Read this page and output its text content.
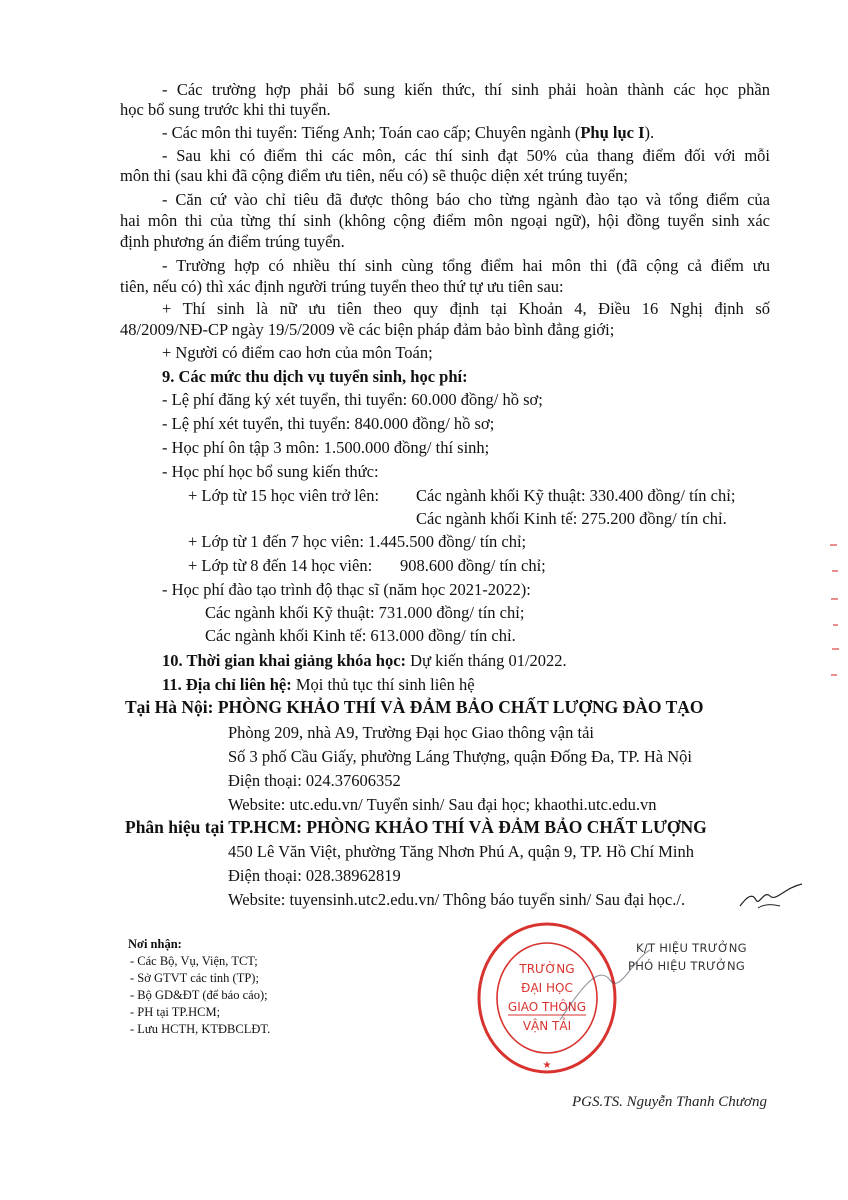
- Các trường hợp phải bổ sung kiến thức, thí sinh phải hoàn thành các học phần
học bổ sung trước khi thi tuyển.
- Các môn thi tuyển: Tiếng Anh; Toán cao cấp; Chuyên ngành (Phụ lục I).
- Sau khi có điểm thi các môn, các thí sinh đạt 50% của thang điểm đối với mỗi
môn thi (sau khi đã cộng điểm ưu tiên, nếu có) sẽ thuộc diện xét trúng tuyển;
- Căn cứ vào chỉ tiêu đã được thông báo cho từng ngành đào tạo và tổng điểm của
hai môn thi của từng thí sinh (không cộng điểm môn ngoại ngữ), hội đồng tuyển sinh xác
định phương án điểm trúng tuyển.
- Trường hợp có nhiều thí sinh cùng tổng điểm hai môn thi (đã cộng cả điểm ưu
tiên, nếu có) thì xác định người trúng tuyển theo thứ tự ưu tiên sau:
+ Thí sinh là nữ ưu tiên theo quy định tại Khoản 4, Điều 16 Nghị định số
48/2009/NĐ-CP ngày 19/5/2009 về các biện pháp đảm bảo bình đẳng giới;
+ Người có điểm cao hơn của môn Toán;
9. Các mức thu dịch vụ tuyển sinh, học phí:
- Lệ phí đăng ký xét tuyển, thi tuyển: 60.000 đồng/ hồ sơ;
- Lệ phí xét tuyển, thi tuyển: 840.000 đồng/ hồ sơ;
- Học phí ôn tập 3 môn: 1.500.000 đồng/ thí sinh;
- Học phí học bổ sung kiến thức:
+ Lớp từ 15 học viên trở lên: Các ngành khối Kỹ thuật: 330.400 đồng/ tín chỉ;
Các ngành khối Kinh tế: 275.200 đồng/ tín chỉ.
+ Lớp từ 1 đến 7 học viên: 1.445.500 đồng/ tín chỉ;
+ Lớp từ 8 đến 14 học viên: 908.600 đồng/ tín chỉ;
- Học phí đào tạo trình độ thạc sĩ (năm học 2021-2022):
Các ngành khối Kỹ thuật: 731.000 đồng/ tín chỉ;
Các ngành khối Kinh tế: 613.000 đồng/ tín chỉ.
10. Thời gian khai giảng khóa học: Dự kiến tháng 01/2022.
11. Địa chỉ liên hệ: Mọi thủ tục thí sinh liên hệ
Tại Hà Nội: PHÒNG KHẢO THÍ VÀ ĐẢM BẢO CHẤT LƯỢNG ĐÀO TẠO
Phòng 209, nhà A9, Trường Đại học Giao thông vận tải
Số 3 phố Cầu Giấy, phường Láng Thượng, quận Đống Đa, TP. Hà Nội
Điện thoại: 024.37606352
Website: utc.edu.vn/ Tuyển sinh/ Sau đại học; khaothi.utc.edu.vn
Phân hiệu tại TP.HCM: PHÒNG KHẢO THÍ VÀ ĐẢM BẢO CHẤT LƯỢNG
450 Lê Văn Việt, phường Tăng Nhơn Phú A, quận 9, TP. Hồ Chí Minh
Điện thoại: 028.38962819
Website: tuyensinh.utc2.edu.vn/ Thông báo tuyển sinh/ Sau đại học./.
Nơi nhận:
- Các Bộ, Vụ, Viện, TCT;
- Sở GTVT các tỉnh (TP);
- Bộ GD&ĐT (để báo cáo);
- PH tại TP.HCM;
- Lưu HCTH, KTĐBCLĐT.
K/T HIỆU TRƯỞNG
PHÓ HIỆU TRƯỞNG
TRƯỜNG
ĐẠI HỌC
GIAO THÔNG
VẬN TẢI
★
PGS.TS. Nguyễn Thanh Chương
